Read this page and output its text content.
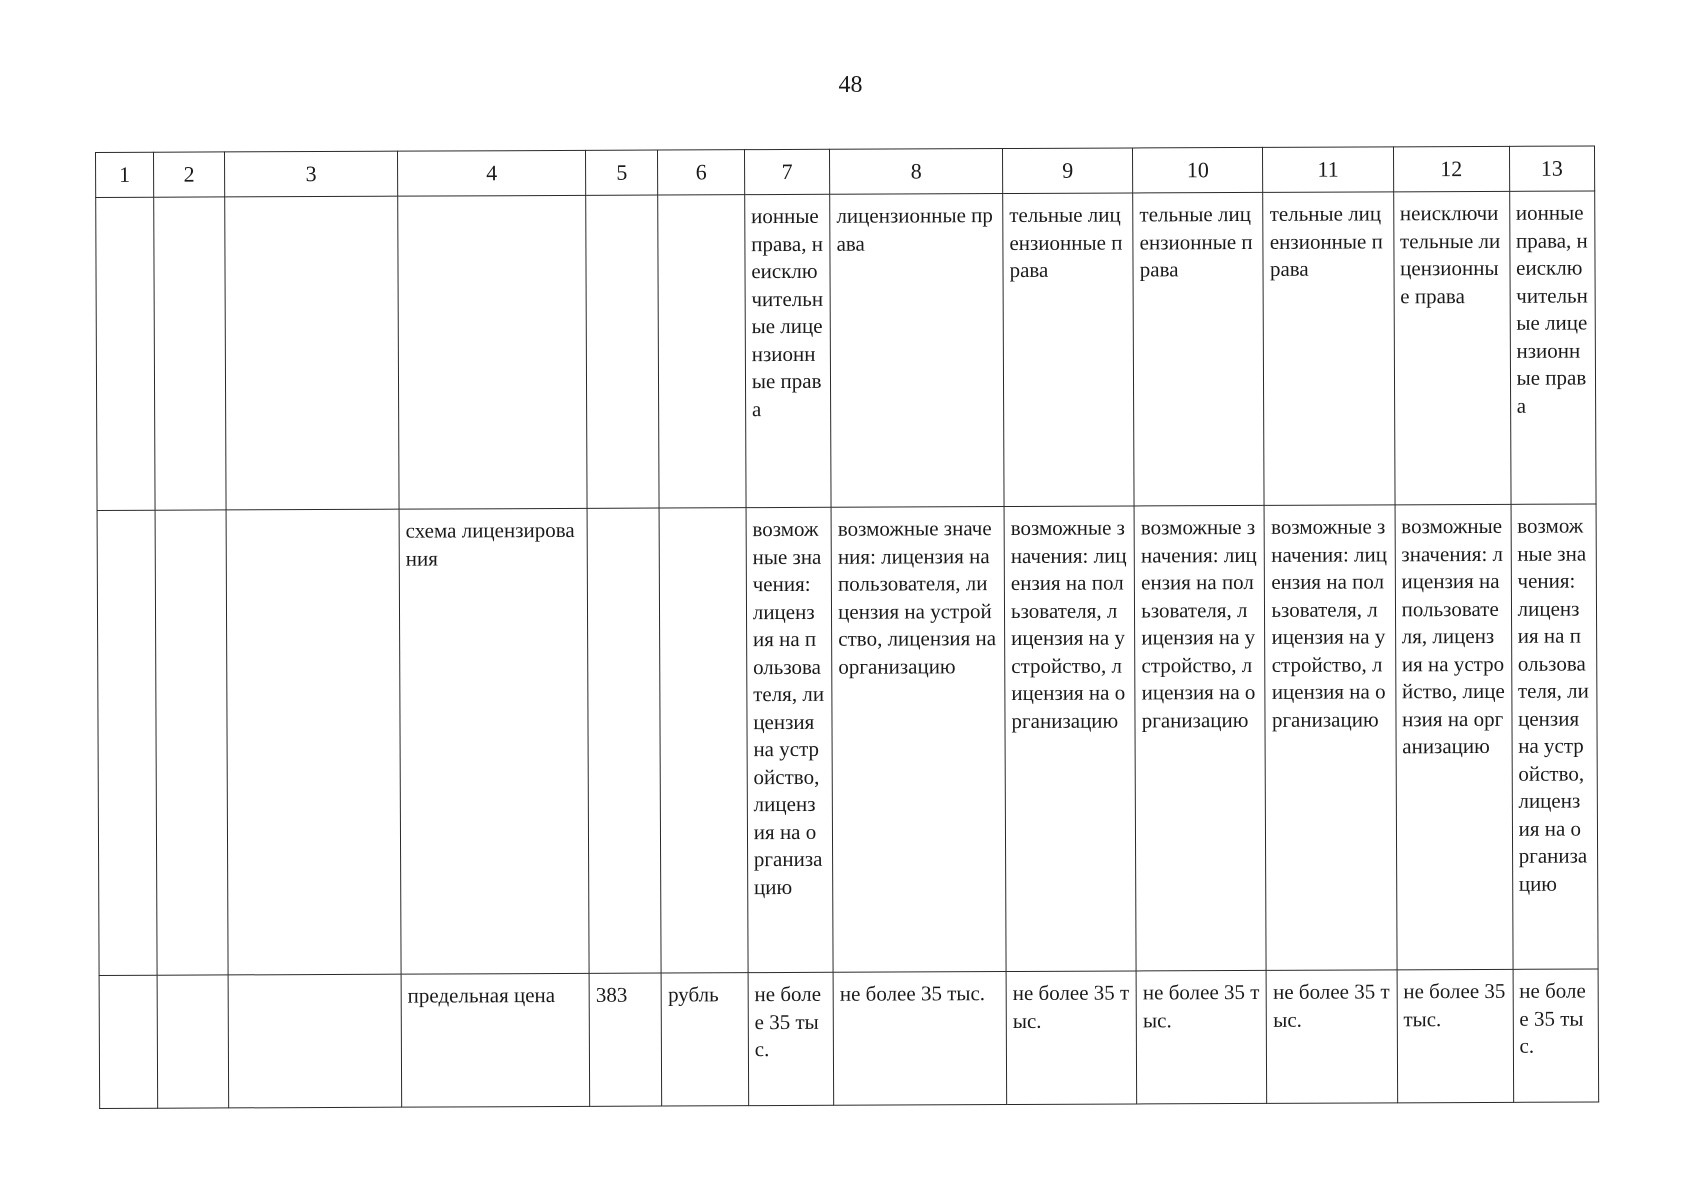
48
1	2	3	4	5	6	7	8	9	10	11	12	13

						ионные права, неисключительные лицензионные права	лицензионные права	тельные лицензионные права	тельные лицензионные права	тельные лицензионные права	неисключительные лицензионные права	ионные права, неисключительные лицензионные права

			схема лицензирования			возможные значения: лицензия на пользователя, лицензия на устройство, лицензия на организацию	возможные значения: лицензия на пользователя, лицензия на устройство, лицензия на организацию	возможные значения: лицензия на пользователя, лицензия на устройство, лицензия на организацию	возможные значения: лицензия на пользователя, лицензия на устройство, лицензия на организацию	возможные значения: лицензия на пользователя, лицензия на устройство, лицензия на организацию	возможные значения: лицензия на пользователя, лицензия на устройство, лицензия на организацию	возможные значения: лицензия на пользователя, лицензия на устройство, лицензия на организацию

			предельная цена	383	рубль	не более 35 тыс.	не более 35 тыс.	не более 35 тыс.	не более 35 тыс.	не более 35 тыс.	не более 35 тыс.	не более 35 тыс.
